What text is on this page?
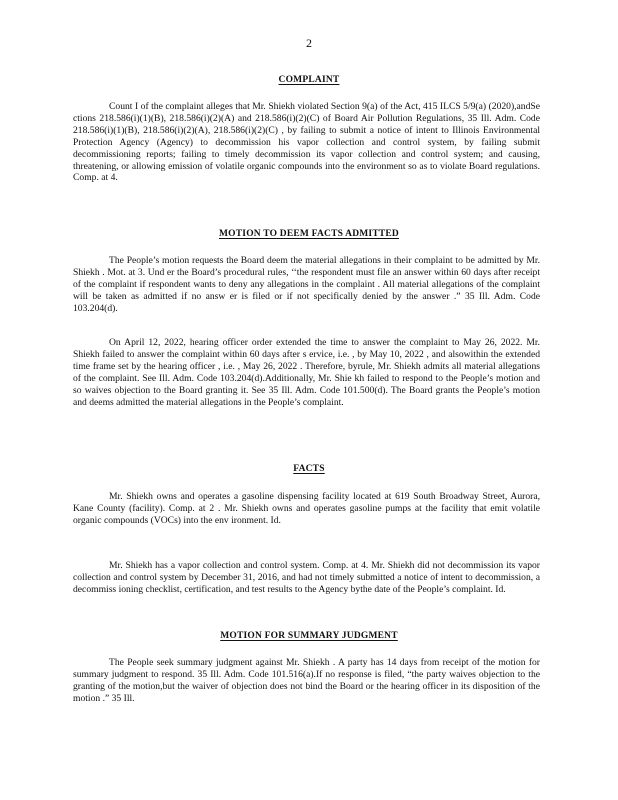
2
COMPLAINT

Count I of the complaint alleges that Mr. Shiekh violated Section 9(a) of the Act, 415 ILCS 5/9(a) (2020),andSe ctions 218.586(i)(1)(B), 218.586(i)(2)(A) and 218.586(i)(2)(C) of Board Air Pollution Regulations, 35 Ill. Adm. Code 218.586(i)(1)(B), 218.586(i)(2)(A), 218.586(i)(2)(C) , by failing to submit a notice of intent to Illinois Environmental Protection Agency (Agency) to decommission his vapor collection and control system, by failing submit decommissioning reports; failing to timely decommission its vapor collection and control system; and causing, threatening, or allowing emission of volatile organic compounds into the environment so as to violate Board regulations. Comp. at 4.

MOTION TO DEEM FACTS ADMITTED

The People’s motion requests the Board deem the material allegations in their complaint to be admitted by Mr. Shiekh . Mot. at 3. Und er the Board’s procedural rules, ‘‘the respondent must file an answer within 60 days after receipt of the complaint if respondent wants to deny any allegations in the complaint . All material allegations of the complaint will be taken as admitted if no answ er is filed or if not specifically denied by the answer .” 35 Ill. Adm. Code 103.204(d).

On April 12, 2022, hearing officer order extended the time to answer the complaint to May 26, 2022. Mr. Shiekh failed to answer the complaint within 60 days after s ervice, i.e. , by May 10, 2022 , and alsowithin the extended time frame set by the hearing officer , i.e. , May 26, 2022 . Therefore, byrule, Mr. Shiekh admits all material allegations of the complaint. See Ill. Adm. Code 103.204(d).Additionally, Mr. Shie kh failed to respond to the People’s motion and so waives objection to the Board granting it. See 35 Ill. Adm. Code 101.500(d). The Board grants the People’s motion and deems admitted the material allegations in the People’s complaint.

FACTS

Mr. Shiekh owns and operates a gasoline dispensing facility located at 619 South Broadway Street, Aurora, Kane County (facility). Comp. at 2 . Mr. Shiekh owns and operates gasoline pumps at the facility that emit volatile organic compounds (VOCs) into the env ironment. Id.

Mr. Shiekh has a vapor collection and control system. Comp. at 4. Mr. Shiekh did not decommission its vapor collection and control system by December 31, 2016, and had not timely submitted a notice of intent to decommission, a decommiss ioning checklist, certification, and test results to the Agency bythe date of the People’s complaint. Id.

MOTION FOR SUMMARY JUDGMENT

The People seek summary judgment against Mr. Shiekh . A party has 14 days from receipt of the motion for summary judgment to respond. 35 Ill. Adm. Code 101.516(a).If no response is filed, “the party waives objection to the granting of the motion,but the waiver of objection does not bind the Board or the hearing officer in its disposition of the motion .” 35 Ill.
